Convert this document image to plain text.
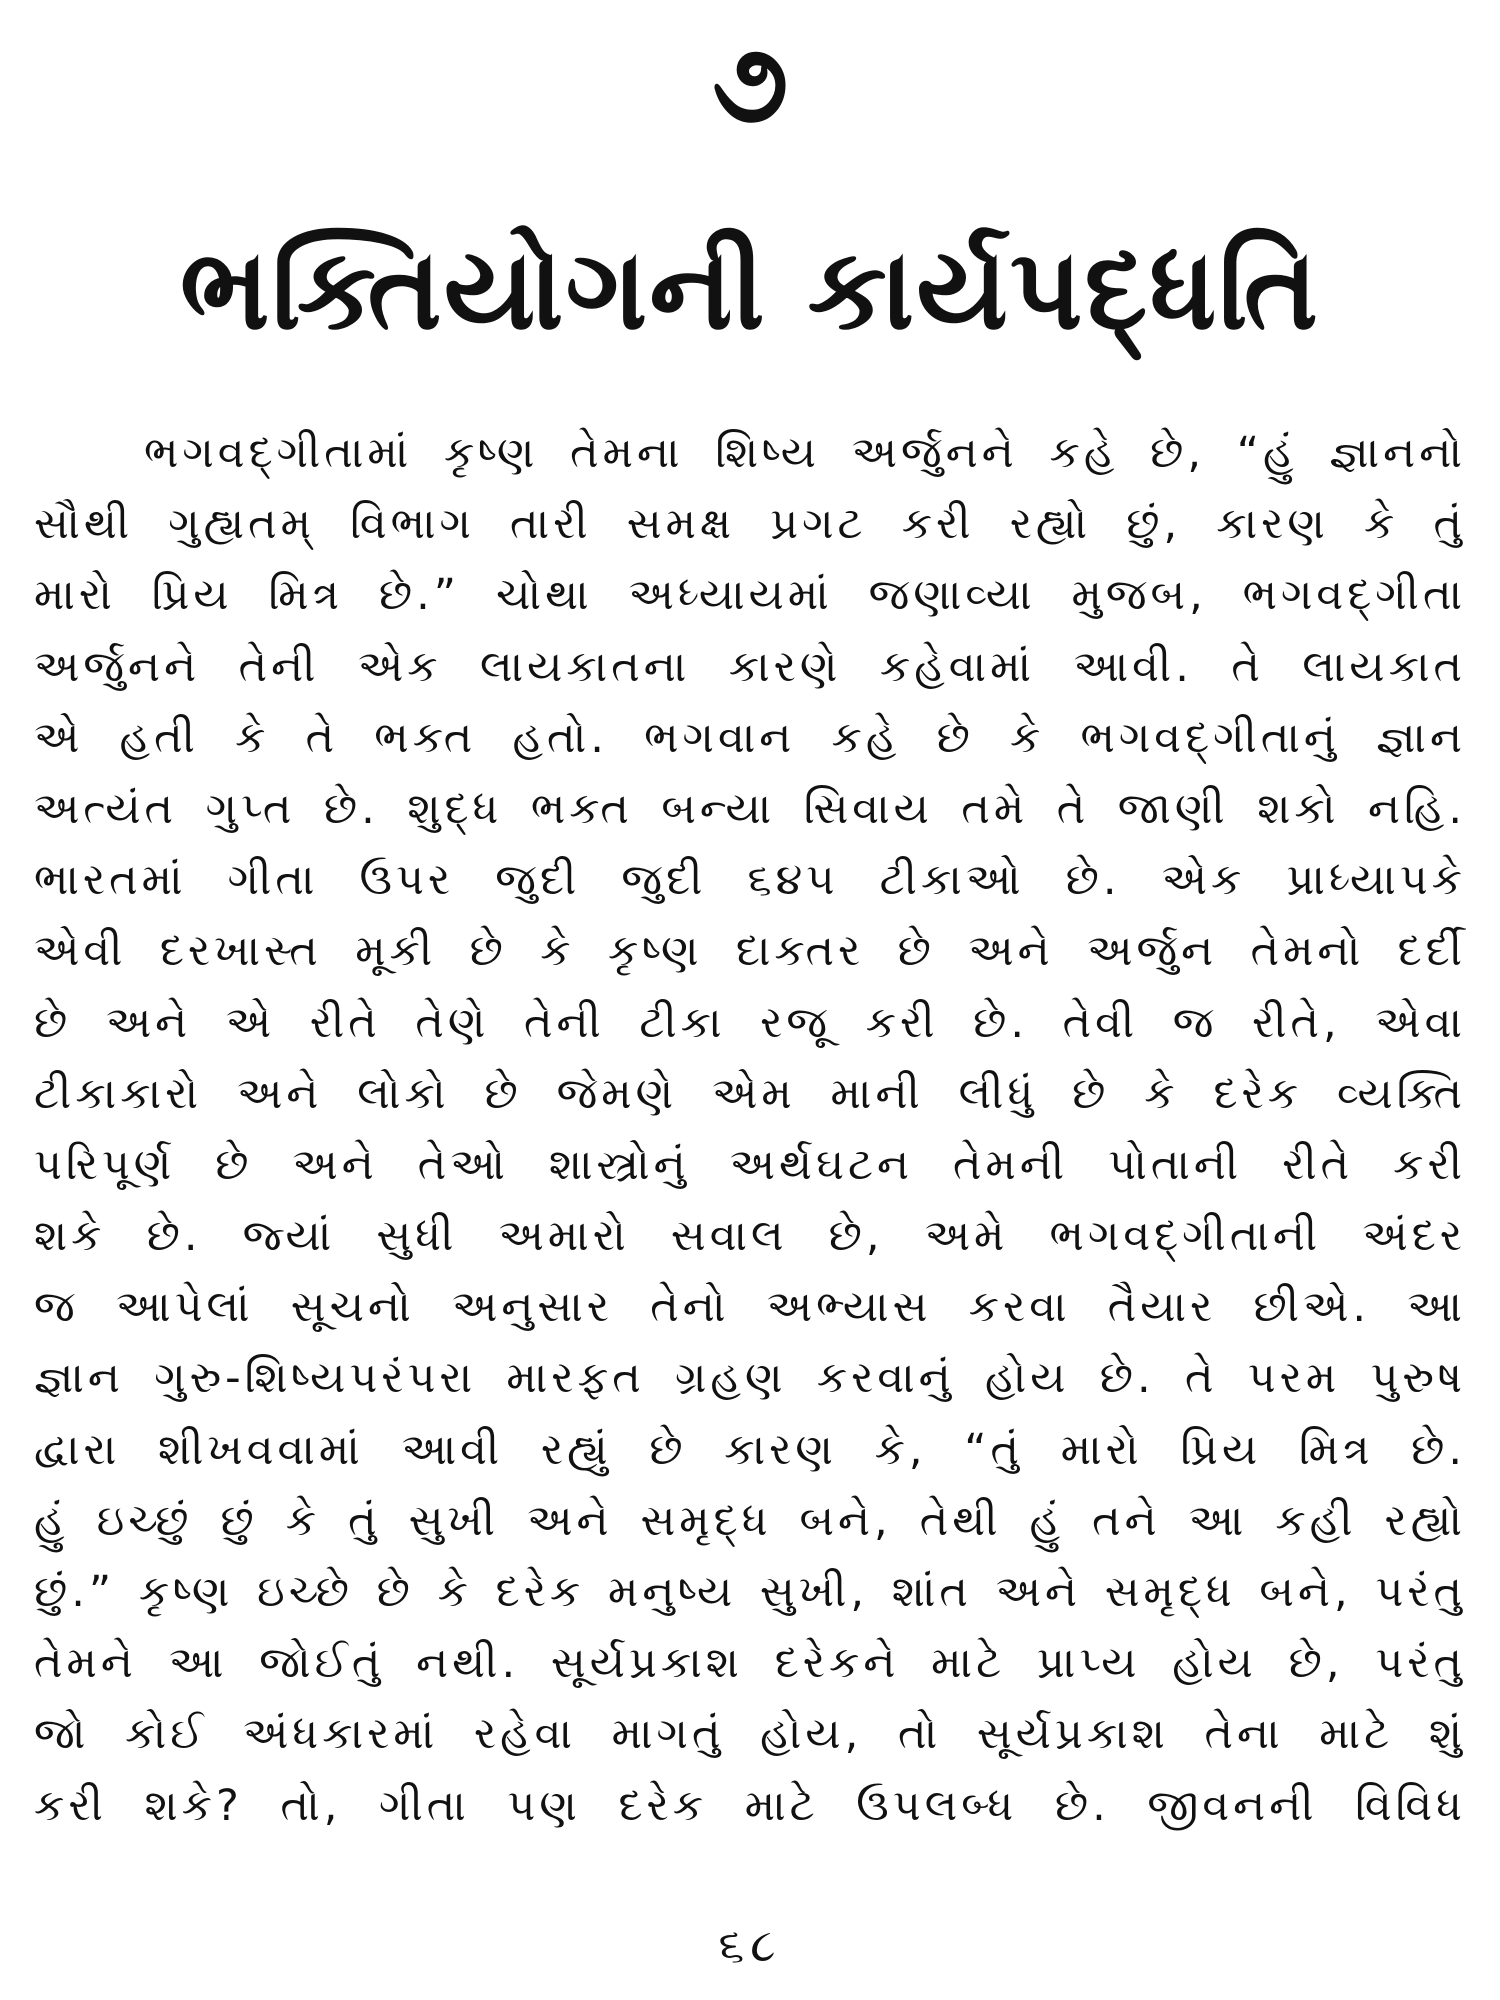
૭
ભક્તિયોગની કાર્યપદ્ધતિ
ભગવદ્ગીતામાં કૃષ્ણ તેમના શિષ્ય અર્જુનને કહે છે, “હું જ્ઞાનનો
સૌથી ગુહ્યતમ્ વિભાગ તારી સમક્ષ પ્રગટ કરી રહ્યો છું, કારણ કે તું
મારો પ્રિય મિત્ર છે.” ચોથા અધ્યાયમાં જણાવ્યા મુજબ, ભગવદ્ગીતા
અર્જુનને તેની એક લાયકાતના કારણે કહેવામાં આવી. તે લાયકાત
એ હતી કે તે ભક્ત હતો. ભગવાન કહે છે કે ભગવદ્ગીતાનું જ્ઞાન
અત્યંત ગુપ્ત છે. શુદ્ધ ભક્ત બન્યા સિવાય તમે તે જાણી શકો નહિ.
ભારતમાં ગીતા ઉપર જુદી જુદી ૬૪૫ ટીકાઓ છે. એક પ્રાધ્યાપકે
એવી દરખાસ્ત મૂકી છે કે કૃષ્ણ દાક્તર છે અને અર્જુન તેમનો દર્દી
છે અને એ રીતે તેણે તેની ટીકા રજૂ કરી છે. તેવી જ રીતે, એવા
ટીકાકારો અને લોકો છે જેમણે એમ માની લીધું છે કે દરેક વ્યક્તિ
પરિપૂર્ણ છે અને તેઓ શાસ્ત્રોનું અર્થઘટન તેમની પોતાની રીતે કરી
શકે છે. જ્યાં સુધી અમારો સવાલ છે, અમે ભગવદ્ગીતાની અંદર
જ આપેલાં સૂચનો અનુસાર તેનો અભ્યાસ કરવા તૈયાર છીએ. આ
જ્ઞાન ગુરુ-શિષ્યપરંપરા મારફત ગ્રહણ કરવાનું હોય છે. તે પરમ પુરુષ
દ્વારા શીખવવામાં આવી રહ્યું છે કારણ કે, “તું મારો પ્રિય મિત્ર છે.
હું ઇચ્છું છું કે તું સુખી અને સમૃદ્ધ બને, તેથી હું તને આ કહી રહ્યો
છું.” કૃષ્ણ ઇચ્છે છે કે દરેક મનુષ્ય સુખી, શાંત અને સમૃદ્ધ બને, પરંતુ
તેમને આ જોઈતું નથી. સૂર્યપ્રકાશ દરેકને માટે પ્રાપ્ય હોય છે, પરંતુ
જો કોઈ અંધકારમાં રહેવા માગતું હોય, તો સૂર્યપ્રકાશ તેના માટે શું
કરી શકે? તો, ગીતા પણ દરેક માટે ઉપલબ્ધ છે. જીવનની વિવિધ
૬૮
